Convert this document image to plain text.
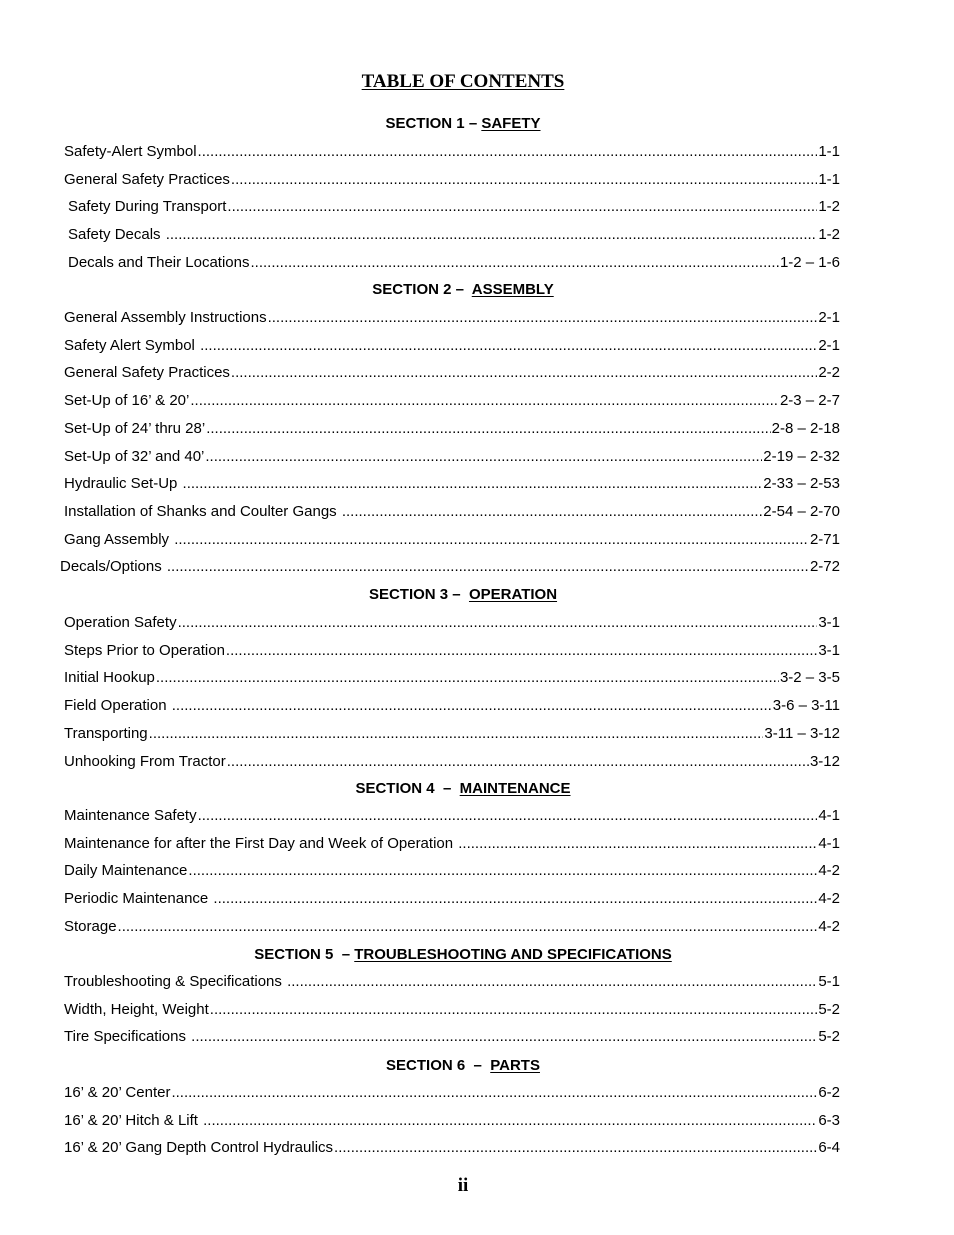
TABLE OF CONTENTS
SECTION 1 – SAFETY
Safety-Alert Symbol .....	1-1
General Safety Practices .....	1-1
Safety During Transport .....	1-2
Safety Decals .....	1-2
Decals and Their Locations .....	1-2 – 1-6
SECTION 2 –  ASSEMBLY
General Assembly Instructions .....	2-1
Safety Alert Symbol .....	2-1
General Safety Practices .....	2-2
Set-Up of 16’ & 20’ .....	2-3 – 2-7
Set-Up of 24’ thru 28’ .....	2-8 – 2-18
Set-Up of 32’ and 40’ .....	2-19 – 2-32
Hydraulic Set-Up .....	2-33 – 2-53
Installation of Shanks and Coulter Gangs .....	2-54 – 2-70
Gang Assembly .....	2-71
Decals/Options .....	2-72
SECTION 3 –  OPERATION
Operation Safety .....	3-1
Steps Prior to Operation .....	3-1
Initial Hookup .....	3-2 – 3-5
Field Operation .....	3-6 – 3-11
Transporting .....	3-11 – 3-12
Unhooking From Tractor .....	3-12
SECTION 4  –  MAINTENANCE
Maintenance Safety .....	4-1
Maintenance for after the First Day and Week of Operation .....	4-1
Daily Maintenance .....	4-2
Periodic Maintenance .....	4-2
Storage .....	4-2
SECTION 5  – TROUBLESHOOTING AND SPECIFICATIONS
Troubleshooting & Specifications .....	5-1
Width, Height, Weight .....	5-2
Tire Specifications .....	5-2
SECTION 6  –  PARTS
16’ & 20’ Center .....	6-2
16’ & 20’ Hitch & Lift .....	6-3
16’ & 20’ Gang Depth Control Hydraulics .....	6-4
ii
